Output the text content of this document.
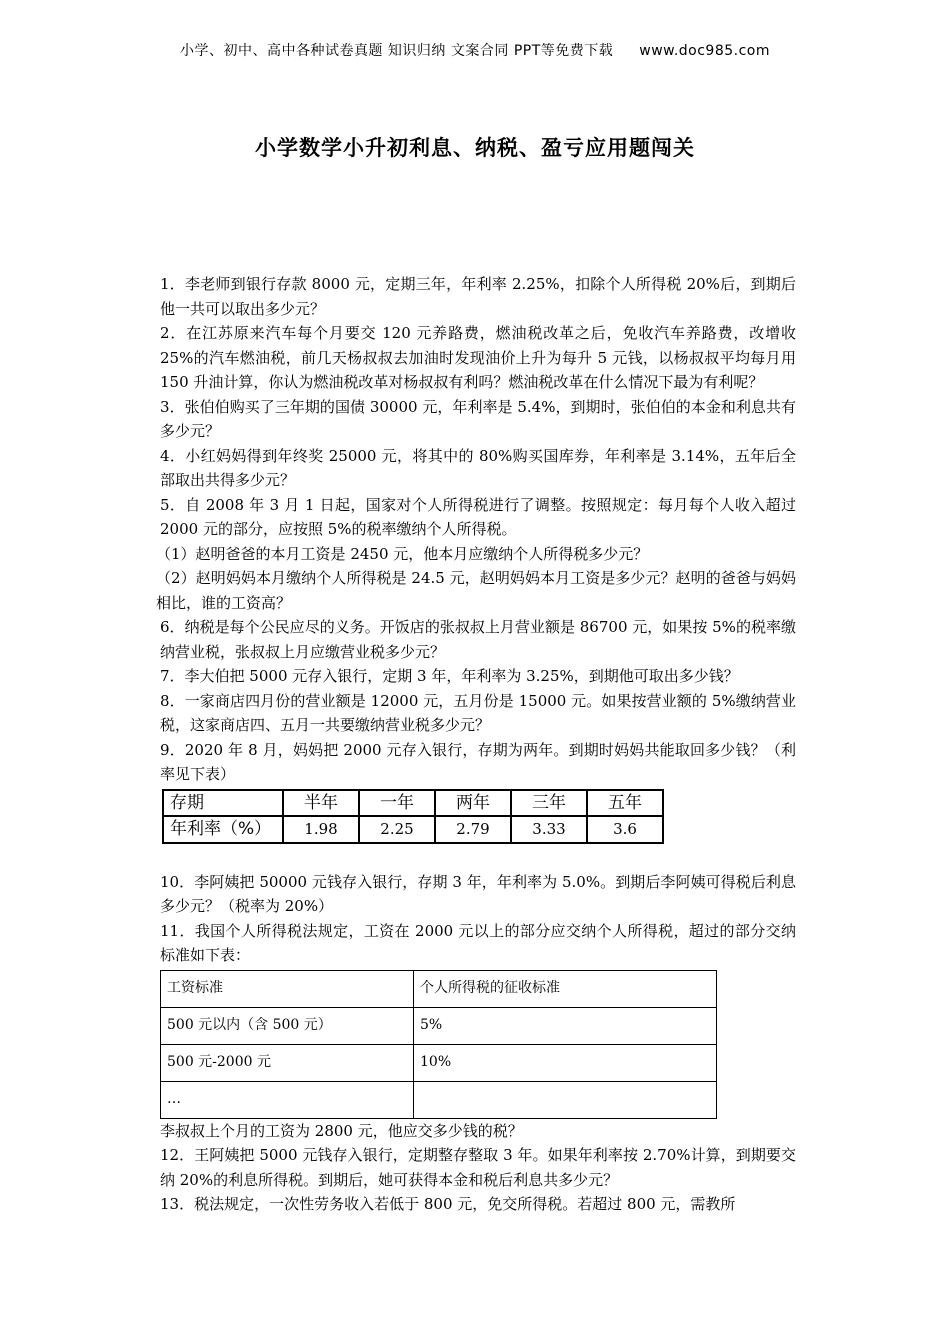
小学、初中、高中各种试卷真题 知识归纳 文案合同 PPT等免费下载 www.doc985.com
小学数学小升初利息、纳税、盈亏应用题闯关

1．李老师到银行存款 8000 元，定期三年，年利率 2.25%，扣除个人所得税 20%后，到期后他一共可以取出多少元？

2．在江苏原来汽车每个月要交 120 元养路费，燃油税改革之后，免收汽车养路费，改增收 25%的汽车燃油税，前几天杨叔叔去加油时发现油价上升为每升 5 元钱，以杨叔叔平均每月用 150 升油计算，你认为燃油税改革对杨叔叔有利吗？燃油税改革在什么情况下最为有利呢？

3．张伯伯购买了三年期的国债 30000 元，年利率是 5.4%，到期时，张伯伯的本金和利息共有多少元？

4．小红妈妈得到年终奖 25000 元，将其中的 80%购买国库券，年利率是 3.14%，五年后全部取出共得多少元？

5．自 2008 年 3 月 1 日起，国家对个人所得税进行了调整。按照规定：每月每个人收入超过 2000 元的部分，应按照 5%的税率缴纳个人所得税。

（1）赵明爸爸的本月工资是 2450 元，他本月应缴纳个人所得税多少元？

（2）赵明妈妈本月缴纳个人所得税是 24.5 元，赵明妈妈本月工资是多少元？赵明的爸爸与妈妈相比，谁的工资高？

6．纳税是每个公民应尽的义务。开饭店的张叔叔上月营业额是 86700 元，如果按 5%的税率缴纳营业税，张叔叔上月应缴营业税多少元？

7．李大伯把 5000 元存入银行，定期 3 年，年利率为 3.25%，到期他可取出多少钱？

8．一家商店四月份的营业额是 12000 元，五月份是 15000 元。如果按营业额的 5%缴纳营业税，这家商店四、五月一共要缴纳营业税多少元？

9．2020 年 8 月，妈妈把 2000 元存入银行，存期为两年。到期时妈妈共能取回多少钱？（利率见下表）

存期	半年	一年	两年	三年	五年
年利率（%）	1.98	2.25	2.79	3.33	3.6

10．李阿姨把 50000 元钱存入银行，存期 3 年，年利率为 5.0%。到期后李阿姨可得税后利息多少元？（税率为 20%）

11．我国个人所得税法规定，工资在 2000 元以上的部分应交纳个人所得税，超过的部分交纳标准如下表：

工资标准	个人所得税的征收标准
500 元以内（含 500 元）	5%
500 元-2000 元	10%
…	

李叔叔上个月的工资为 2800 元，他应交多少钱的税？

12．王阿姨把 5000 元钱存入银行，定期整存整取 3 年。如果年利率按 2.70%计算，到期要交纳 20%的利息所得税。到期后，她可获得本金和税后利息共多少元？

13．税法规定，一次性劳务收入若低于 800 元，免交所得税。若超过 800 元，需教所
